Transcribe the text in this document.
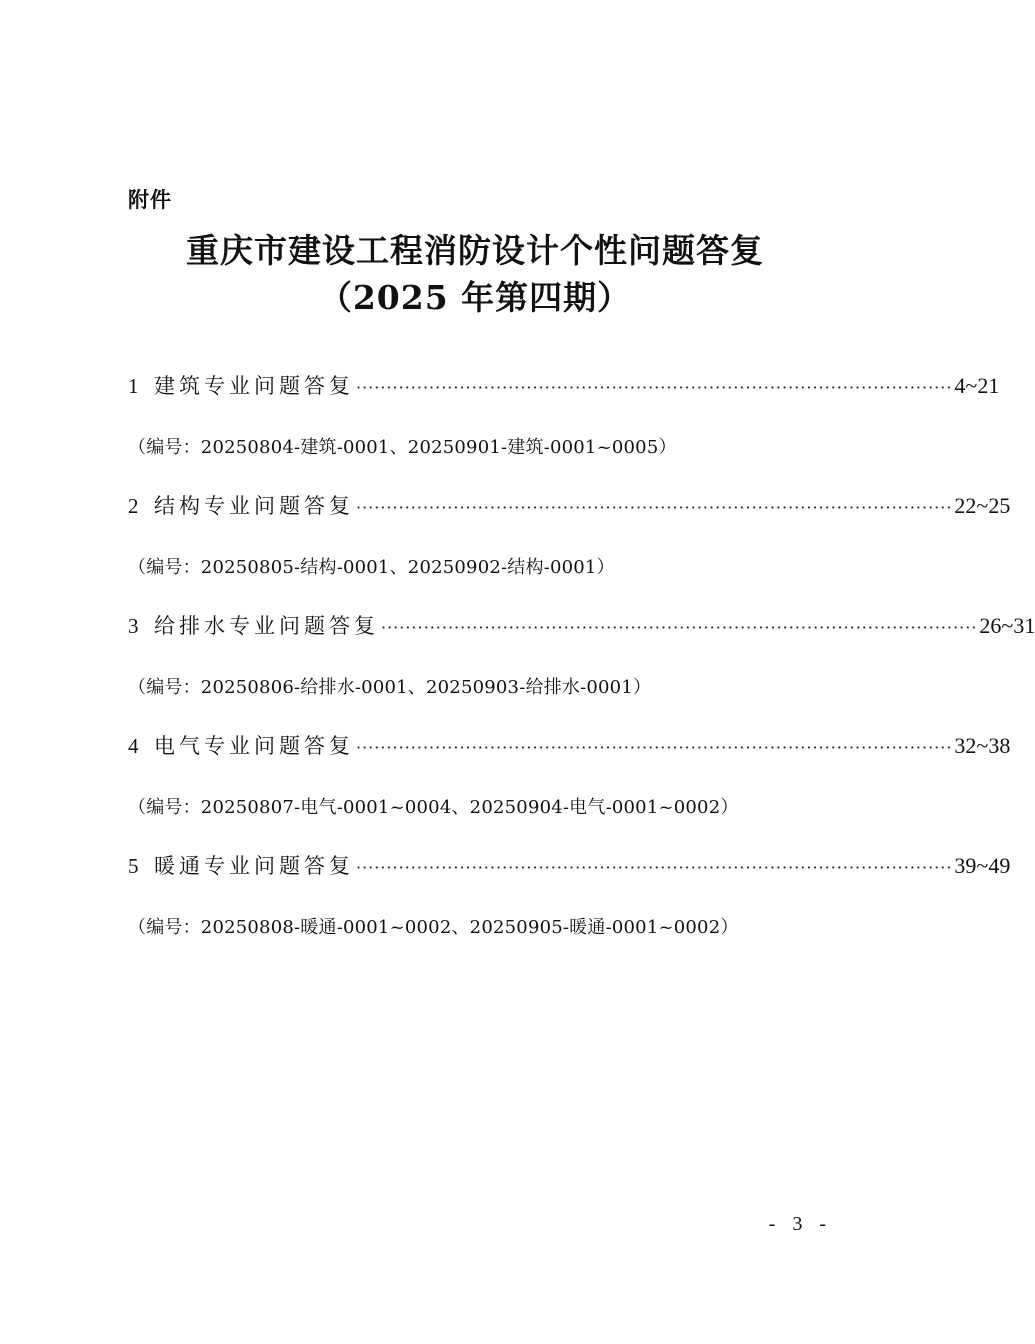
附件
重庆市建设工程消防设计个性问题答复
（2025 年第四期）
1 建筑专业问题答复 ·································································································· 4~21
（编号：20250804-建筑-0001、20250901-建筑-0001~0005）
2 结构专业问题答复 ·································································································· 22~25
（编号：20250805-结构-0001、20250902-结构-0001）
3 给排水专业问题答复 ·································································································· 26~31
（编号：20250806-给排水-0001、20250903-给排水-0001）
4 电气专业问题答复 ·································································································· 32~38
（编号：20250807-电气-0001~0004、20250904-电气-0001~0002）
5 暖通专业问题答复 ·································································································· 39~49
（编号：20250808-暖通-0001~0002、20250905-暖通-0001~0002）
- 3 -
